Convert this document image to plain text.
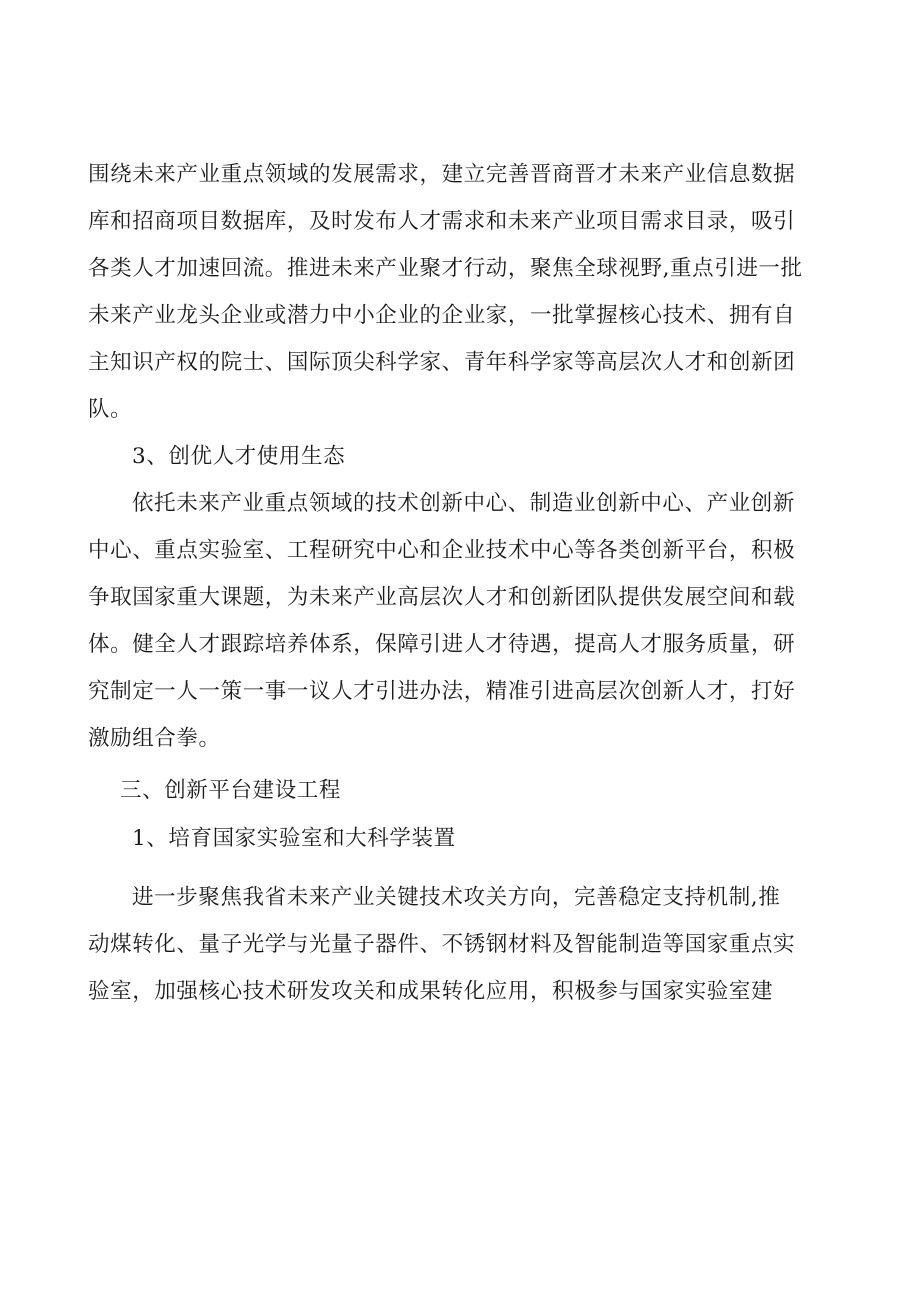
围绕未来产业重点领域的发展需求，建立完善晋商晋才未来产业信息数据
库和招商项目数据库，及时发布人才需求和未来产业项目需求目录，吸引
各类人才加速回流。推进未来产业聚才行动，聚焦全球视野,重点引进一批
未来产业龙头企业或潜力中小企业的企业家，一批掌握核心技术、拥有自
主知识产权的院士、国际顶尖科学家、青年科学家等高层次人才和创新团
队。
3、创优人才使用生态
依托未来产业重点领域的技术创新中心、制造业创新中心、产业创新
中心、重点实验室、工程研究中心和企业技术中心等各类创新平台，积极
争取国家重大课题，为未来产业高层次人才和创新团队提供发展空间和载
体。健全人才跟踪培养体系，保障引进人才待遇，提高人才服务质量，研
究制定一人一策一事一议人才引进办法，精准引进高层次创新人才，打好
激励组合拳。
三、创新平台建设工程
1、培育国家实验室和大科学装置
进一步聚焦我省未来产业关键技术攻关方向，完善稳定支持机制,推
动煤转化、量子光学与光量子器件、不锈钢材料及智能制造等国家重点实
验室，加强核心技术研发攻关和成果转化应用，积极参与国家实验室建
